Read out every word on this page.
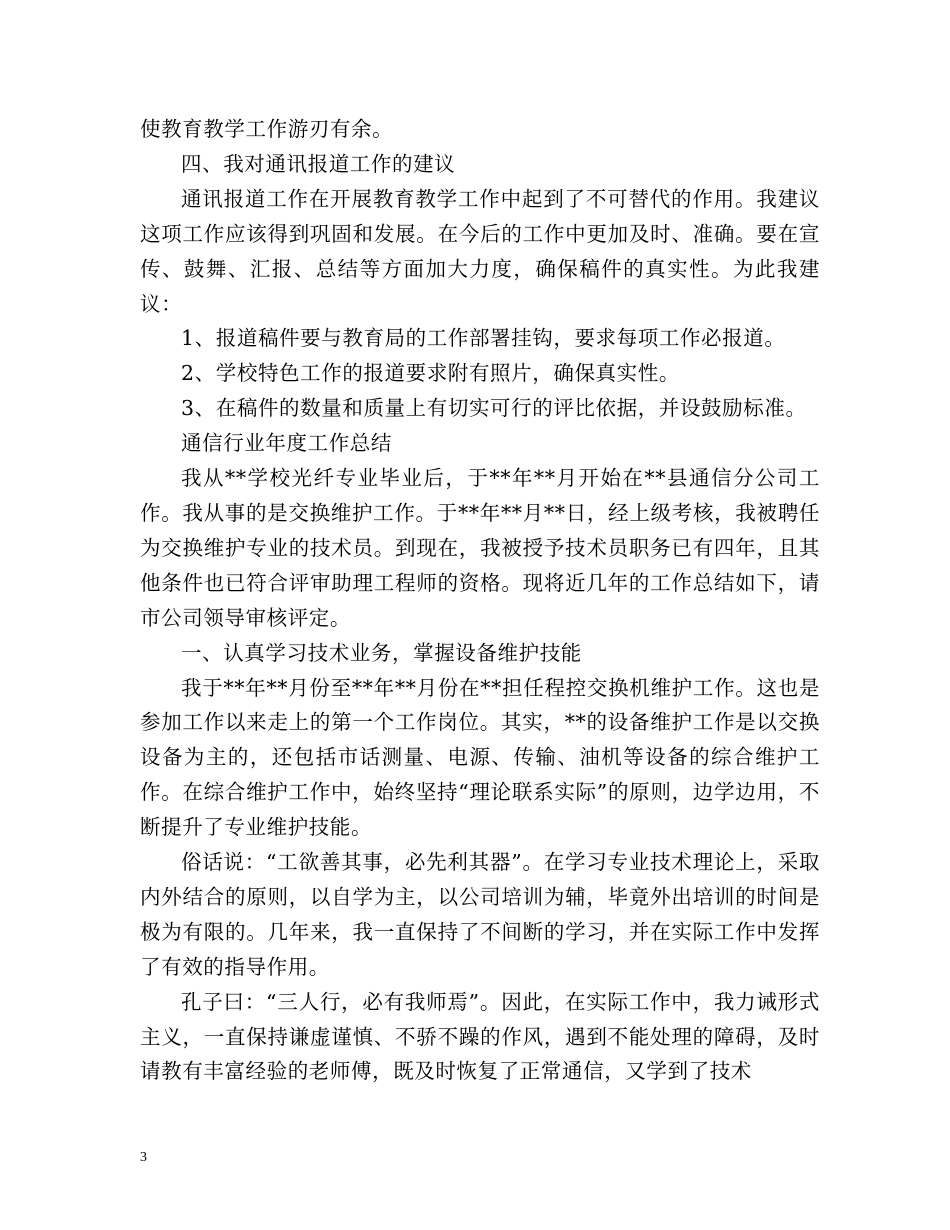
使教育教学工作游刃有余。

四、我对通讯报道工作的建议

通讯报道工作在开展教育教学工作中起到了不可替代的作用。我建议这项工作应该得到巩固和发展。在今后的工作中更加及时、准确。要在宣传、鼓舞、汇报、总结等方面加大力度，确保稿件的真实性。为此我建议：

1、报道稿件要与教育局的工作部署挂钩，要求每项工作必报道。

2、学校特色工作的报道要求附有照片，确保真实性。

3、在稿件的数量和质量上有切实可行的评比依据，并设鼓励标准。

通信行业年度工作总结

我从**学校光纤专业毕业后，于**年**月开始在**县通信分公司工作。我从事的是交换维护工作。于**年**月**日，经上级考核，我被聘任为交换维护专业的技术员。到现在，我被授予技术员职务已有四年，且其他条件也已符合评审助理工程师的资格。现将近几年的工作总结如下，请市公司领导审核评定。

一、认真学习技术业务，掌握设备维护技能

我于**年**月份至**年**月份在**担任程控交换机维护工作。这也是参加工作以来走上的第一个工作岗位。其实，**的设备维护工作是以交换设备为主的，还包括市话测量、电源、传输、油机等设备的综合维护工作。在综合维护工作中，始终坚持“理论联系实际”的原则，边学边用，不断提升了专业维护技能。

俗话说：“工欲善其事，必先利其器”。在学习专业技术理论上，采取内外结合的原则，以自学为主，以公司培训为辅，毕竟外出培训的时间是极为有限的。几年来，我一直保持了不间断的学习，并在实际工作中发挥了有效的指导作用。

孔子曰：“三人行，必有我师焉”。因此，在实际工作中，我力诫形式主义，一直保持谦虚谨慎、不骄不躁的作风，遇到不能处理的障碍，及时请教有丰富经验的老师傅，既及时恢复了正常通信，又学到了技术

3
